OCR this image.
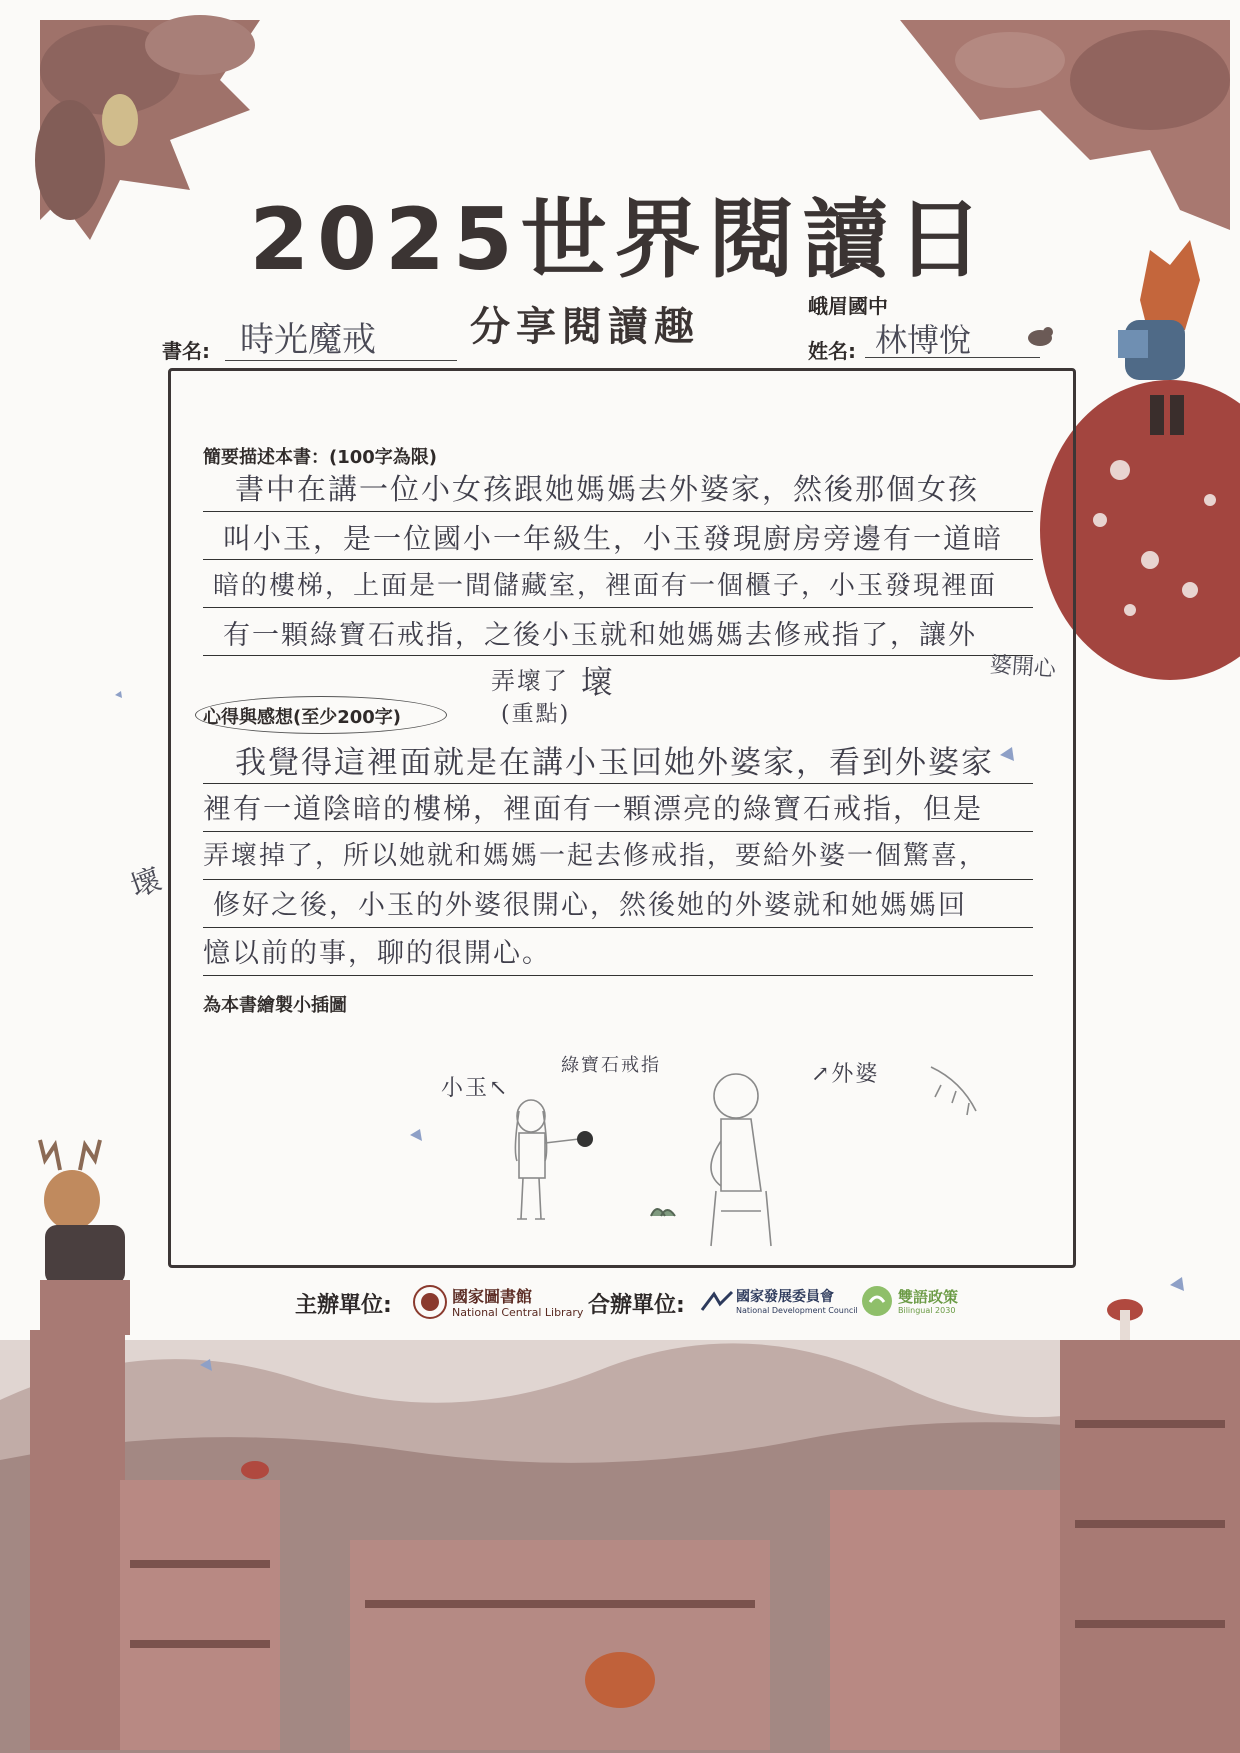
2025世界閱讀日
分享閱讀趣	峨眉國中
書名: 時光魔戒	姓名: 林博悅
簡要描述本書：(100字為限)
書中在講一位小女孩跟她媽媽去外婆家，然後那個女孩
叫小玉，是一位國小一年級生，小玉發現廚房旁邊有一道暗
暗的樓梯，上面是一間儲藏室，裡面有一個櫃子，小玉發現裡面
有一顆綠寶石戒指，之後小玉就和她媽媽去修戒指了，讓外
弄壞了 壞
心得與感想(至少200字)	(重點)
我覺得這裡面就是在講小玉回她外婆家，看到外婆家
裡有一道陰暗的樓梯，裡面有一顆漂亮的綠寶石戒指，但是
弄壞掉了，所以她就和媽媽一起去修戒指，要給外婆一個驚喜，
修好之後，小玉的外婆很開心，然後她的外婆就和她媽媽回
憶以前的事，聊的很開心。
為本書繪製小插圖
小玉↖
綠寶石戒指	↗外婆
婆開心
壞
主辦單位:	國家圖書館
National Central Library 合辦單位:	國家發展委員會
National Development Council
雙語政策
Bilingual 2030
